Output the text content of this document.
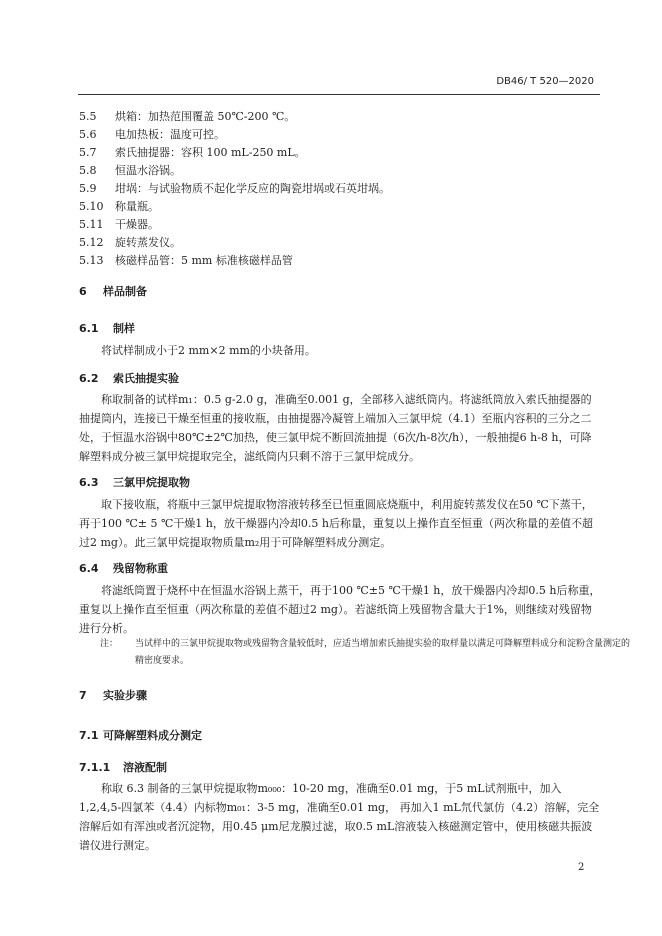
DB46/ T 520—2020
5.5 烘箱：加热范围覆盖 50℃-200 ℃。
5.6 电加热板：温度可控。
5.7 索氏抽提器：容积 100 mL-250 mL。
5.8 恒温水浴锅。
5.9 坩埚：与试验物质不起化学反应的陶瓷坩埚或石英坩埚。
5.10 称量瓶。
5.11 干燥器。
5.12 旋转蒸发仪。
5.13 核磁样品管：5 mm 标准核磁样品管
6 样品制备
6.1 制样
将试样制成小于2 mm×2 mm的小块备用。
6.2 索氏抽提实验
称取制备的试样m₁：0.5 g-2.0 g，准确至0.001 g，全部移入滤纸筒内。将滤纸筒放入索氏抽提器的抽提筒内，连接已干燥至恒重的接收瓶，由抽提器冷凝管上端加入三氯甲烷（4.1）至瓶内容积的三分之二处，于恒温水浴锅中80℃±2℃加热，使三氯甲烷不断回流抽提（6次/h-8次/h），一般抽提6 h-8 h，可降解塑料成分被三氯甲烷提取完全，滤纸筒内只剩不溶于三氯甲烷成分。
6.3 三氯甲烷提取物
取下接收瓶，将瓶中三氯甲烷提取物溶液转移至已恒重圆底烧瓶中，利用旋转蒸发仪在50 ℃下蒸干，再于100 ℃± 5 ℃干燥1 h，放干燥器内冷却0.5 h后称量，重复以上操作直至恒重（两次称量的差值不超过2 mg）。此三氯甲烷提取物质量m₂用于可降解塑料成分测定。
6.4 残留物称重
将滤纸筒置于烧杯中在恒温水浴锅上蒸干，再于100 ℃±5 ℃干燥1 h，放干燥器内冷却0.5 h后称重，重复以上操作直至恒重（两次称量的差值不超过2 mg）。若滤纸筒上残留物含量大于1%，则继续对残留物进行分析。
注： 当试样中的三氯甲烷提取物或残留物含量较低时，应适当增加索氏抽提实验的取样量以满足可降解塑料成分和淀粉含量测定的精密度要求。
7 实验步骤
7.1 可降解塑料成分测定
7.1.1 溶液配制
称取 6.3 制备的三氯甲烷提取物m₀₀₀：10-20 mg，准确至0.01 mg，于5 mL试剂瓶中，加入1,2,4,5-四氯苯（4.4）内标物m₀₁：3-5 mg，准确至0.01 mg， 再加入1 mL氘代氯仿（4.2）溶解，完全溶解后如有浑浊或者沉淀物，用0.45 μm尼龙膜过滤，取0.5 mL溶液装入核磁测定管中，使用核磁共振波谱仪进行测定。
2
